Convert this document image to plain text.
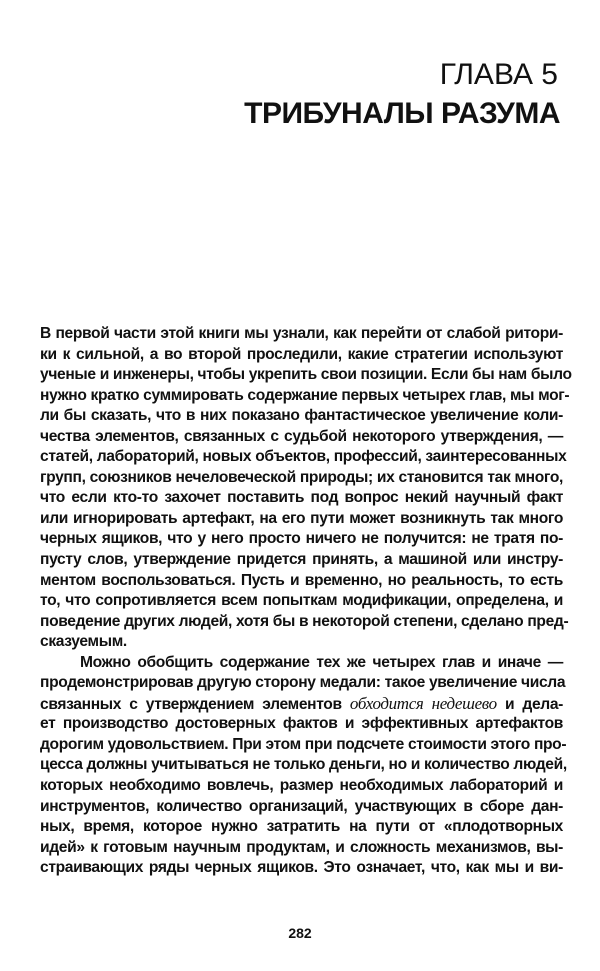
ГЛАВА 5
ТРИБУНАЛЫ РАЗУМА
В первой части этой книги мы узнали, как перейти от слабой ритори-
ки к сильной, а во второй проследили, какие стратегии используют
ученые и инженеры, чтобы укрепить свои позиции. Если бы нам было
нужно кратко суммировать содержание первых четырех глав, мы мог-
ли бы сказать, что в них показано фантастическое увеличение коли-
чества элементов, связанных с судьбой некоторого утверждения, —
статей, лабораторий, новых объектов, профессий, заинтересованных
групп, союзников нечеловеческой природы; их становится так много,
что если кто-то захочет поставить под вопрос некий научный факт
или игнорировать артефакт, на его пути может возникнуть так много
черных ящиков, что у него просто ничего не получится: не тратя по-
пусту слов, утверждение придется принять, а машиной или инстру-
ментом воспользоваться. Пусть и временно, но реальность, то есть
то, что сопротивляется всем попыткам модификации, определена, и
поведение других людей, хотя бы в некоторой степени, сделано пред-
сказуемым.
Можно обобщить содержание тех же четырех глав и иначе —
продемонстрировав другую сторону медали: такое увеличение числа
связанных с утверждением элементов обходится недешево и дела-
ет производство достоверных фактов и эффективных артефактов
дорогим удовольствием. При этом при подсчете стоимости этого про-
цесса должны учитываться не только деньги, но и количество людей,
которых необходимо вовлечь, размер необходимых лабораторий и
инструментов, количество организаций, участвующих в сборе дан-
ных, время, которое нужно затратить на пути от «плодотворных
идей» к готовым научным продуктам, и сложность механизмов, вы-
страивающих ряды черных ящиков. Это означает, что, как мы и ви-
282
